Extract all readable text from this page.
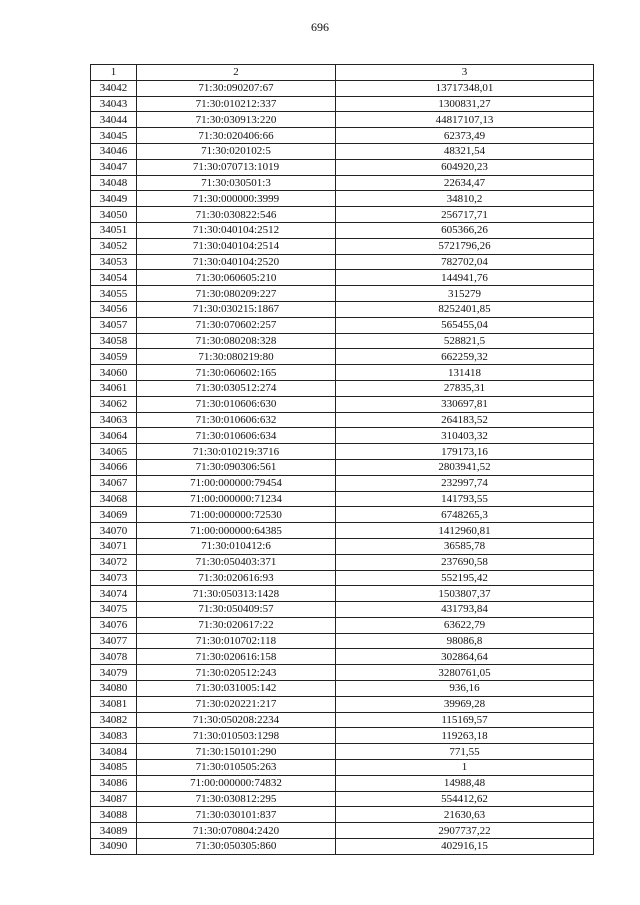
696
1	2	3
34042	71:30:090207:67	13717348,01
34043	71:30:010212:337	1300831,27
34044	71:30:030913:220	44817107,13
34045	71:30:020406:66	62373,49
34046	71:30:020102:5	48321,54
34047	71:30:070713:1019	604920,23
34048	71:30:030501:3	22634,47
34049	71:30:000000:3999	34810,2
34050	71:30:030822:546	256717,71
34051	71:30:040104:2512	605366,26
34052	71:30:040104:2514	5721796,26
34053	71:30:040104:2520	782702,04
34054	71:30:060605:210	144941,76
34055	71:30:080209:227	315279
34056	71:30:030215:1867	8252401,85
34057	71:30:070602:257	565455,04
34058	71:30:080208:328	528821,5
34059	71:30:080219:80	662259,32
34060	71:30:060602:165	131418
34061	71:30:030512:274	27835,31
34062	71:30:010606:630	330697,81
34063	71:30:010606:632	264183,52
34064	71:30:010606:634	310403,32
34065	71:30:010219:3716	179173,16
34066	71:30:090306:561	2803941,52
34067	71:00:000000:79454	232997,74
34068	71:00:000000:71234	141793,55
34069	71:00:000000:72530	6748265,3
34070	71:00:000000:64385	1412960,81
34071	71:30:010412:6	36585,78
34072	71:30:050403:371	237690,58
34073	71:30:020616:93	552195,42
34074	71:30:050313:1428	1503807,37
34075	71:30:050409:57	431793,84
34076	71:30:020617:22	63622,79
34077	71:30:010702:118	98086,8
34078	71:30:020616:158	302864,64
34079	71:30:020512:243	3280761,05
34080	71:30:031005:142	936,16
34081	71:30:020221:217	39969,28
34082	71:30:050208:2234	115169,57
34083	71:30:010503:1298	119263,18
34084	71:30:150101:290	771,55
34085	71:30:010505:263	1
34086	71:00:000000:74832	14988,48
34087	71:30:030812:295	554412,62
34088	71:30:030101:837	21630,63
34089	71:30:070804:2420	2907737,22
34090	71:30:050305:860	402916,15
